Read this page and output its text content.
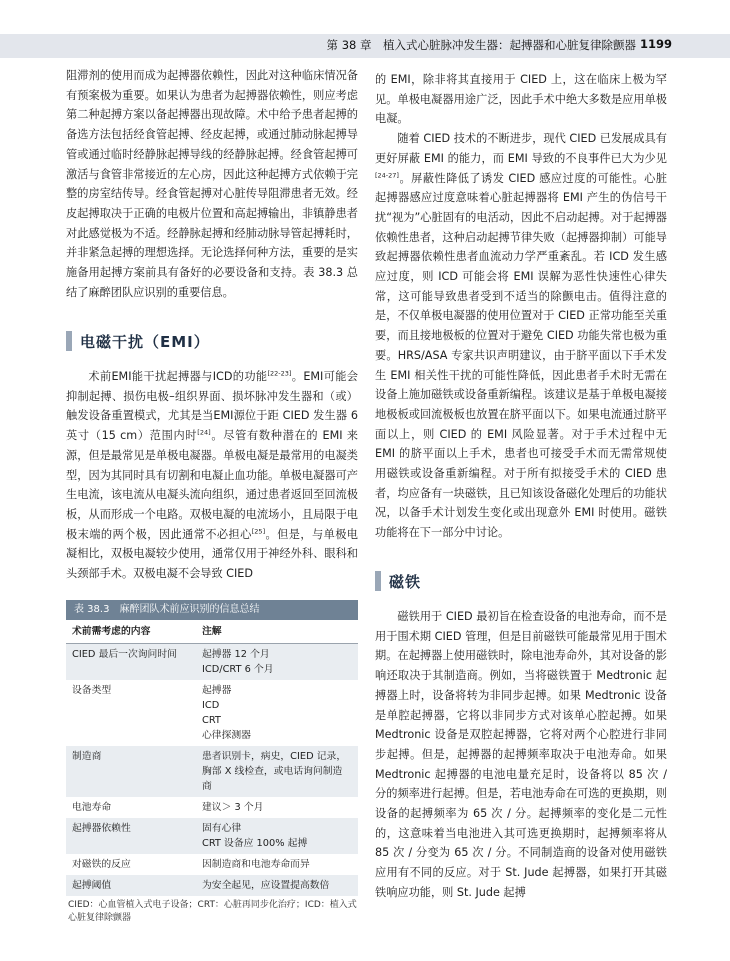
第 38 章　植入式心脏脉冲发生器：起搏器和心脏复律除颤器 1199

阻滞剂的使用而成为起搏器依赖性，因此对这种临床情况备有预案极为重要。如果认为患者为起搏器依赖性，则应考虑第二种起搏方案以备起搏器出现故障。术中给予患者起搏的备选方法包括经食管起搏、经皮起搏，或通过肺动脉起搏导管或通过临时经静脉起搏导线的经静脉起搏。经食管起搏可激活与食管非常接近的左心房，因此这种起搏方式依赖于完整的房室结传导。经食管起搏对心脏传导阻滞患者无效。经皮起搏取决于正确的电极片位置和高起搏输出，非镇静患者对此感觉极为不适。经静脉起搏和经肺动脉导管起搏耗时，并非紧急起搏的理想选择。无论选择何种方法，重要的是实施备用起搏方案前具有备好的必要设备和支持。表 38.3 总结了麻醉团队应识别的重要信息。

电磁干扰（EMI）

术前EMI能干扰起搏器与ICD的功能[22-23]。EMI可能会抑制起搏、损伤电极–组织界面、损坏脉冲发生器和（或）触发设备重置模式，尤其是当EMI源位于距 CIED 发生器 6 英寸（15 cm）范围内时[24]。尽管有数种潜在的 EMI 来源，但是最常见是单极电凝器。单极电凝是最常用的电凝类型，因为其同时具有切割和电凝止血功能。单极电凝器可产生电流，该电流从电凝头流向组织，通过患者返回至回流极板，从而形成一个电路。双极电凝的电流场小，且局限于电极末端的两个极，因此通常不必担心[25]。但是，与单极电凝相比，双极电凝较少使用，通常仅用于神经外科、眼科和头颈部手术。双极电凝不会导致 CIED

表 38.3　麻醉团队术前应识别的信息总结
术前需考虑的内容	注解
CIED 最后一次询问时间	起搏器 12 个月
ICD/CRT 6 个月
设备类型	起搏器
ICD
CRT
心律探测器
制造商	患者识别卡，病史，CIED 记录，胸部 X 线检查，或电话询问制造商
电池寿命	建议＞ 3 个月
起搏器依赖性	固有心律
CRT 设备应 100% 起搏
对磁铁的反应	因制造商和电池寿命而异
起搏阈值	为安全起见，应设置提高数倍
CIED：心血管植入式电子设备；CRT：心脏再同步化治疗；ICD：植入式心脏复律除颤器

的 EMI，除非将其直接用于 CIED 上，这在临床上极为罕见。单极电凝器用途广泛，因此手术中绝大多数是应用单极电凝。

随着 CIED 技术的不断进步，现代 CIED 已发展成具有更好屏蔽 EMI 的能力，而 EMI 导致的不良事件已大为少见[24-27]。屏蔽性降低了诱发 CIED 感应过度的可能性。心脏起搏器感应过度意味着心脏起搏器将 EMI 产生的伪信号干扰“视为”心脏固有的电活动，因此不启动起搏。对于起搏器依赖性患者，这种启动起搏节律失败（起搏器抑制）可能导致起搏器依赖性患者血流动力学严重紊乱。若 ICD 发生感应过度，则 ICD 可能会将 EMI 误解为恶性快速性心律失常，这可能导致患者受到不适当的除颤电击。值得注意的是，不仅单极电凝器的使用位置对于 CIED 正常功能至关重要，而且接地极板的位置对于避免 CIED 功能失常也极为重要。HRS/ASA 专家共识声明建议，由于脐平面以下手术发生 EMI 相关性干扰的可能性降低，因此患者手术时无需在设备上施加磁铁或设备重新编程。该建议是基于单极电凝接地极板或回流极板也放置在脐平面以下。如果电流通过脐平面以上，则 CIED 的 EMI 风险显著。对于手术过程中无 EMI 的脐平面以上手术，患者也可接受手术而无需常规使用磁铁或设备重新编程。对于所有拟接受手术的 CIED 患者，均应备有一块磁铁，且已知该设备磁化处理后的功能状况，以备手术计划发生变化或出现意外 EMI 时使用。磁铁功能将在下一部分中讨论。

磁铁

磁铁用于 CIED 最初旨在检查设备的电池寿命，而不是用于围术期 CIED 管理，但是目前磁铁可能最常见用于围术期。在起搏器上使用磁铁时，除电池寿命外，其对设备的影响还取决于其制造商。例如，当将磁铁置于 Medtronic 起搏器上时，设备将转为非同步起搏。如果 Medtronic 设备是单腔起搏器，它将以非同步方式对该单心腔起搏。如果 Medtronic 设备是双腔起搏器，它将对两个心腔进行非同步起搏。但是，起搏器的起搏频率取决于电池寿命。如果 Medtronic 起搏器的电池电量充足时，设备将以 85 次 / 分的频率进行起搏。但是，若电池寿命在可选的更换期，则设备的起搏频率为 65 次 / 分。起搏频率的变化是二元性的，这意味着当电池进入其可选更换期时，起搏频率将从 85 次 / 分变为 65 次 / 分。不同制造商的设备对使用磁铁应用有不同的反应。对于 St. Jude 起搏器，如果打开其磁铁响应功能，则 St. Jude 起搏
